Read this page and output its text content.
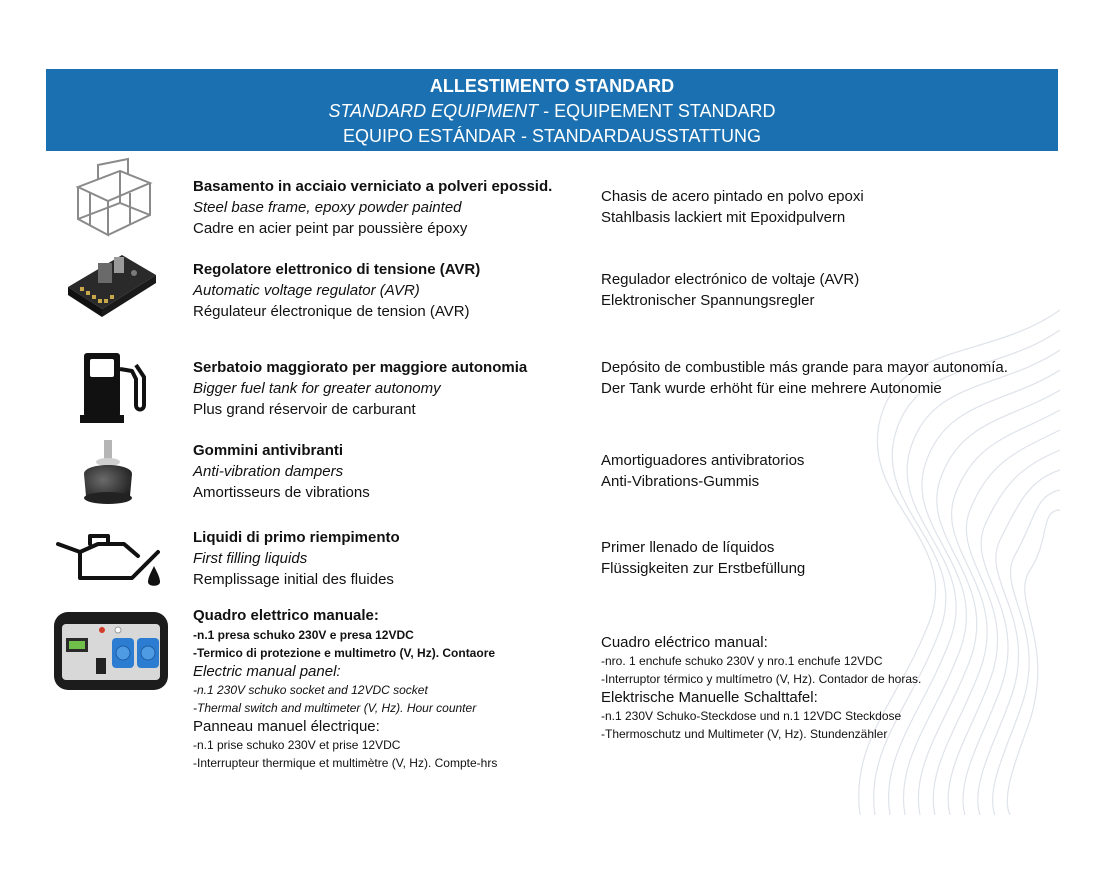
ALLESTIMENTO STANDARD
STANDARD EQUIPMENT - EQUIPEMENT STANDARD
EQUIPO ESTÁNDAR - STANDARDAUSSTATTUNG
Basamento in acciaio verniciato a polveri epossid.
Steel base frame, epoxy powder painted
Cadre en acier peint par poussière époxy
Chasis de acero pintado en polvo epoxi
Stahlbasis lackiert mit Epoxidpulvern
Regolatore elettronico di tensione (AVR)
Automatic voltage regulator (AVR)
Régulateur électronique de tension (AVR)
Regulador electrónico de voltaje (AVR)
Elektronischer Spannungsregler
Serbatoio maggiorato per maggiore autonomia
Bigger fuel tank for greater autonomy
Plus grand réservoir de carburant
Depósito de combustible más grande para mayor autonomía.
Der Tank wurde erhöht für eine mehrere Autonomie
Gommini antivibranti
Anti-vibration dampers
Amortisseurs de vibrations
Amortiguadores antivibratorios
Anti-Vibrations-Gummis
Liquidi di primo riempimento
First filling liquids
Remplissage initial des fluides
Primer llenado de líquidos
Flüssigkeiten zur Erstbefüllung
Quadro elettrico manuale:
-n.1 presa schuko 230V e presa 12VDC
-Termico di protezione e multimetro (V, Hz). Contaore
Electric manual panel:
-n.1 230V schuko socket and 12VDC socket
-Thermal switch and multimeter (V, Hz). Hour counter
Panneau manuel électrique:
-n.1 prise schuko 230V et prise 12VDC
-Interrupteur thermique et multimètre (V, Hz). Compte-hrs
Cuadro eléctrico manual:
-nro. 1 enchufe schuko 230V y nro.1 enchufe 12VDC
-Interruptor térmico y multímetro (V, Hz). Contador de horas.
Elektrische Manuelle Schalttafel:
-n.1 230V Schuko-Steckdose und n.1 12VDC Steckdose
-Thermoschutz und Multimeter (V, Hz). Stundenzähler
